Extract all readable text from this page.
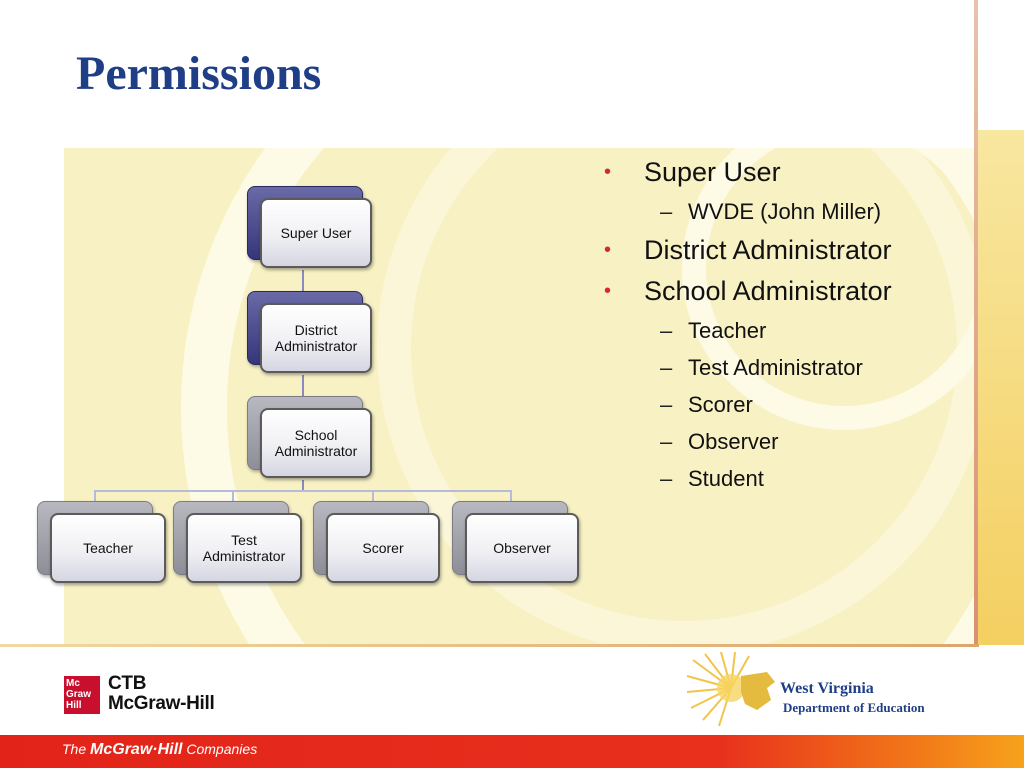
Permissions
Super User
District Administrator
School Administrator
Teacher	Test Administrator	Scorer	Observer
• Super User
– WVDE (John Miller)
• District Administrator
• School Administrator
– Teacher
– Test Administrator
– Scorer
– Observer
– Student
Mc
Graw
Hill
CTB
McGraw-Hill
West Virginia
Department of Education
The McGraw·Hill Companies
